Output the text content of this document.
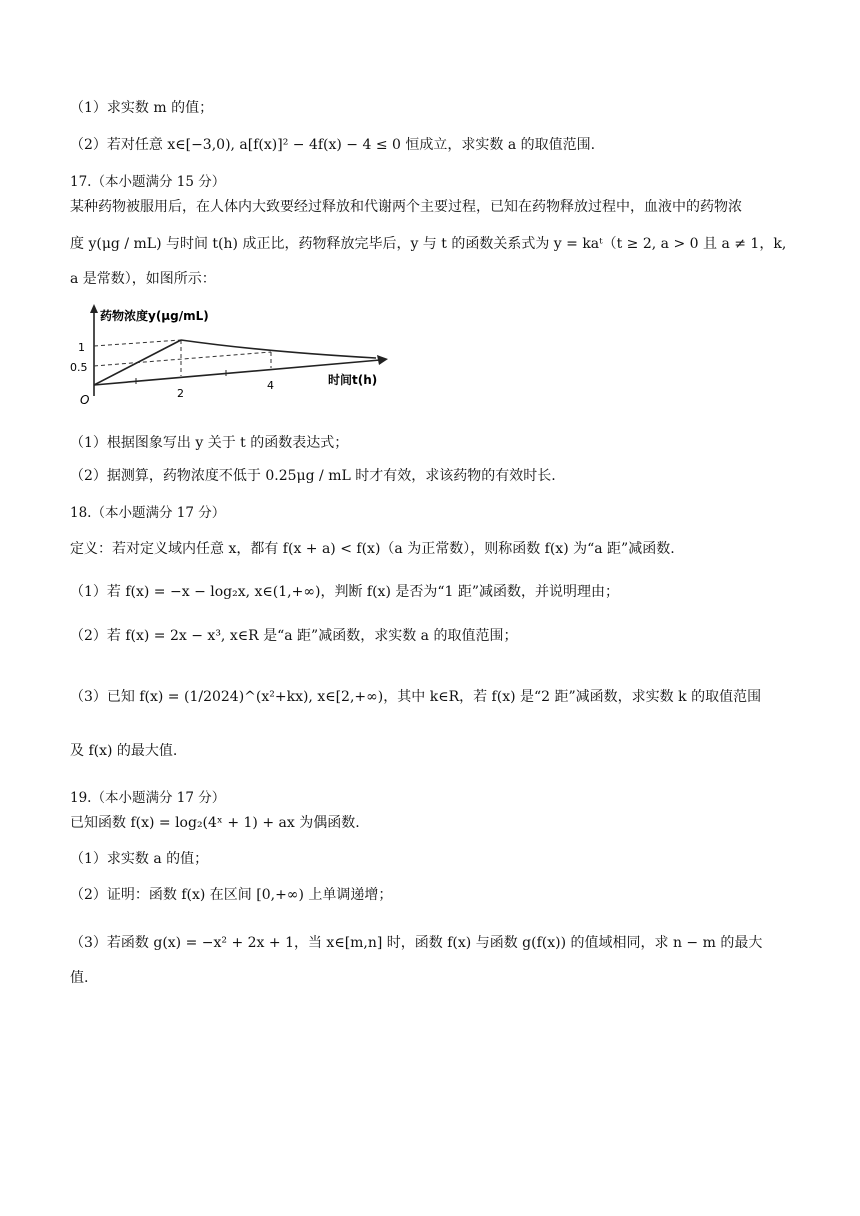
（1）求实数 m 的值；
（2）若对任意 x∈[−3,0), a[f(x)]² − 4f(x) − 4 ≤ 0 恒成立，求实数 a 的取值范围.
17.（本小题满分 15 分）
某种药物被服用后，在人体内大致要经过释放和代谢两个主要过程，已知在药物释放过程中，血液中的药物浓
度 y(μg / mL) 与时间 t(h) 成正比，药物释放完毕后，y 与 t 的函数关系式为 y = kaᵗ（t ≥ 2, a > 0 且 a ≠ 1，k,
a 是常数），如图所示：
药物浓度y(μg/mL)
1
0.5
O	2
4	时间t(h)
（1）根据图象写出 y 关于 t 的函数表达式；
（2）据测算，药物浓度不低于 0.25μg / mL 时才有效，求该药物的有效时长.
18.（本小题满分 17 分）
定义：若对定义域内任意 x，都有 f(x + a) < f(x)（a 为正常数），则称函数 f(x) 为“a 距”减函数.
（1）若 f(x) = −x − log₂x, x∈(1,+∞)，判断 f(x) 是否为“1 距”减函数，并说明理由；
（2）若 f(x) = 2x − x³, x∈R 是“a 距”减函数，求实数 a 的取值范围；
（3）已知 f(x) = (1/2024)^(x²+kx), x∈[2,+∞)，其中 k∈R，若 f(x) 是“2 距”减函数，求实数 k 的取值范围
及 f(x) 的最大值.
19.（本小题满分 17 分）
已知函数 f(x) = log₂(4ˣ + 1) + ax 为偶函数.
（1）求实数 a 的值；
（2）证明：函数 f(x) 在区间 [0,+∞) 上单调递增；
（3）若函数 g(x) = −x² + 2x + 1，当 x∈[m,n] 时，函数 f(x) 与函数 g(f(x)) 的值域相同，求 n − m 的最大
值.
